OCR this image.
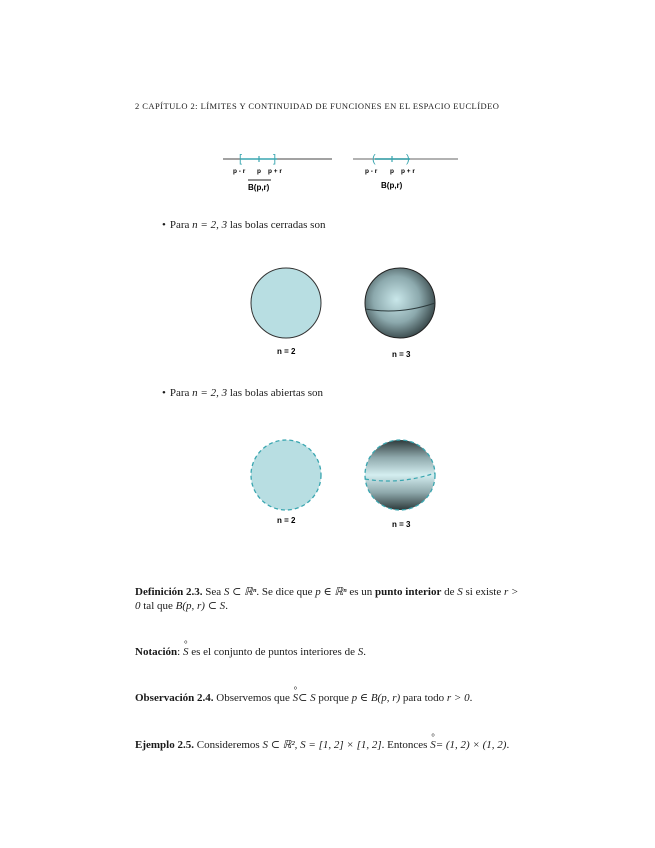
2 CAPÍTULO 2: LÍMITES Y CONTINUIDAD DE FUNCIONES EN EL ESPACIO EUCLÍDEO
[	]
p - r p p + r
B(p,r)
(	)
p - r p p + r
B(p,r)
• Para n = 2, 3 las bolas cerradas son
n = 2	n = 3
• Para n = 2, 3 las bolas abiertas son
n = 2	n = 3
Definición 2.3. Sea S ⊂ ℝⁿ. Se dice que p ∈ ℝⁿ es un punto interior de S si existe r > 0 tal que B(p, r) ⊂ S.
Notación: ° S es el conjunto de puntos interiores de S.
Observación 2.4. Observemos que ° S⊂ S porque p ∈ B(p, r) para todo r > 0.
Ejemplo 2.5. Consideremos S ⊂ ℝ², S = [1, 2] × [1, 2]. Entonces ° S= (1, 2) × (1, 2).
